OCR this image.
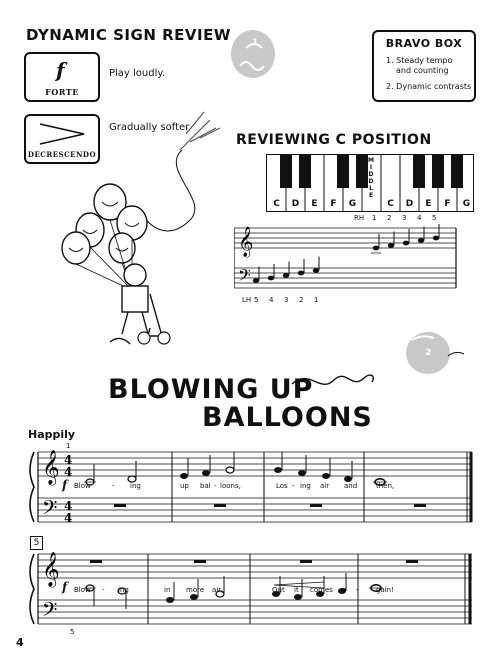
DYNAMIC SIGN REVIEW
f
FORTE
Play loudly.
DECRESCENDO
Gradually softer
1	BRAVO BOX
1. Steady tempo
and counting
2. Dynamic contrasts
REVIEWING C POSITION
C	D	E	F	G
MIDDLE
C	D	E	F	G
RH 1	2	3	4	5
𝄞
𝄢
LH 5	4	3	2	1
2
BLOWING UP
BALLOONS
Happily
1
𝄞
𝄢
4
4
4
4
f Blow	- ing	up bal - loons,	Los - ing air and	then,
5
𝄞
𝄢
f Blow - ing	in more air,	Out it comes a - gain!
5
4
